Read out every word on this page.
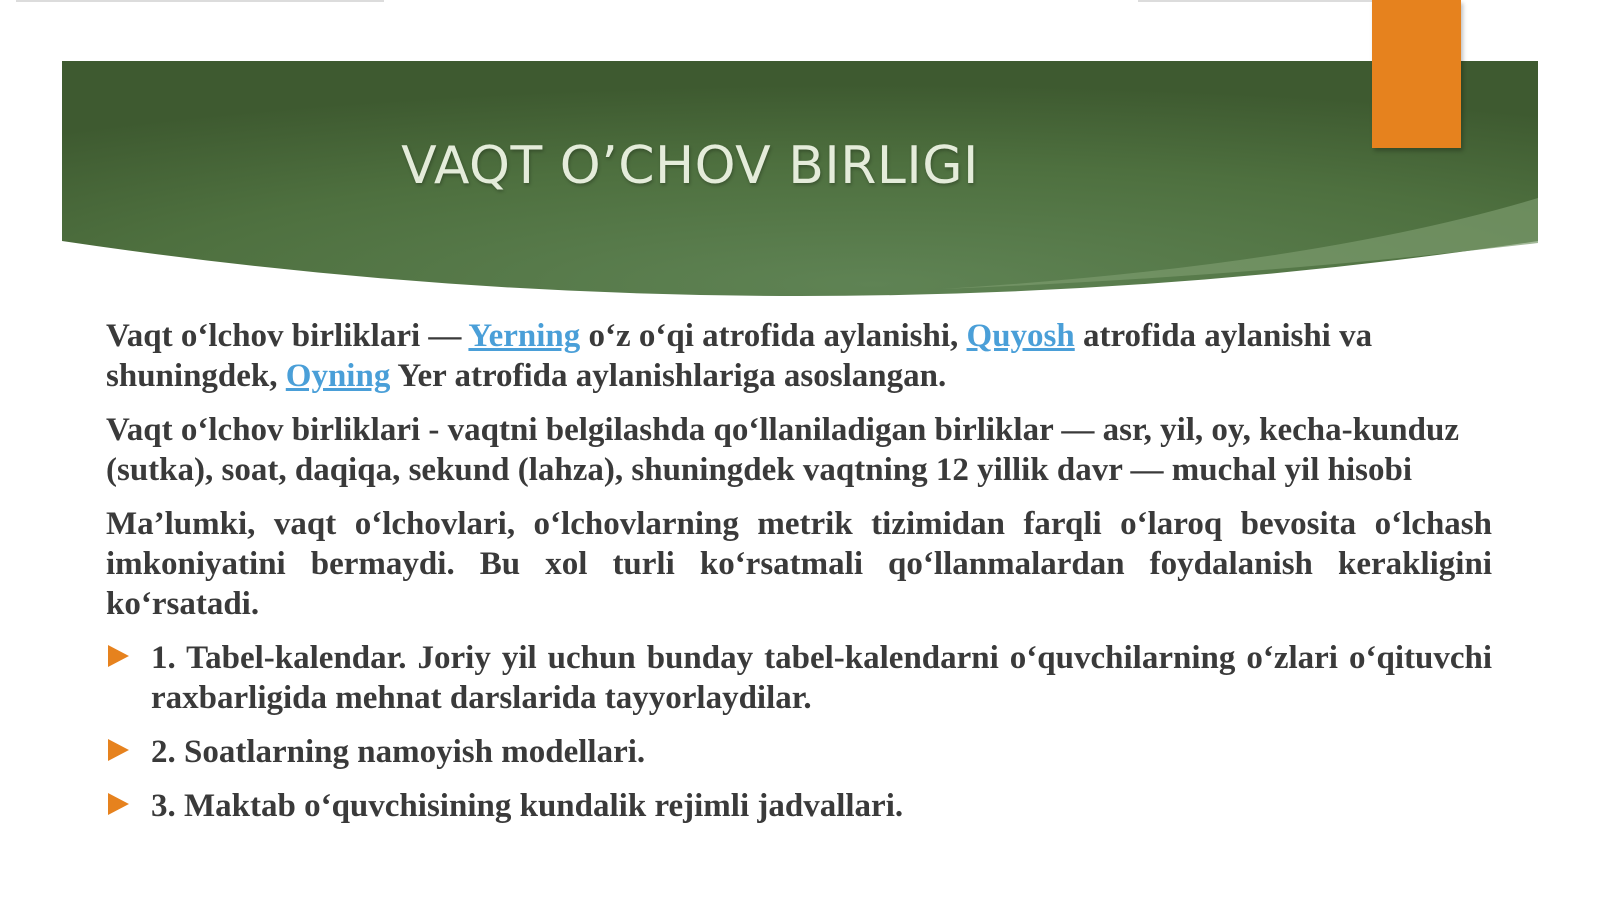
VAQT O’CHOV BIRLIGI

Vaqt o‘lchov birliklari — Yerning o‘z o‘qi atrofida aylanishi, Quyosh atrofida aylanishi va shuningdek, Oyning Yer atrofida aylanishlariga asoslangan.

Vaqt o‘lchov birliklari - vaqtni belgilashda qo‘llaniladigan birliklar — asr, yil, oy, kecha-kunduz (sutka), soat, daqiqa, sekund (lahza), shuningdek vaqtning 12 yillik davr — muchal yil hisobi

Ma’lumki, vaqt o‘lchovlari, o‘lchovlarning metrik tizimidan farqli o‘laroq bevosita o‘lchash imkoniyatini bermaydi. Bu xol turli ko‘rsatmali qo‘llanmalardan foydalanish kerakligini ko‘rsatadi.

1. Tabel-kalendar. Joriy yil uchun bunday tabel-kalendarni o‘quvchilarning o‘zlari o‘qituvchi raxbarligida mehnat darslarida tayyorlaydilar.
2. Soatlarning namoyish modellari.
3. Maktab o‘quvchisining kundalik rejimli jadvallari.
